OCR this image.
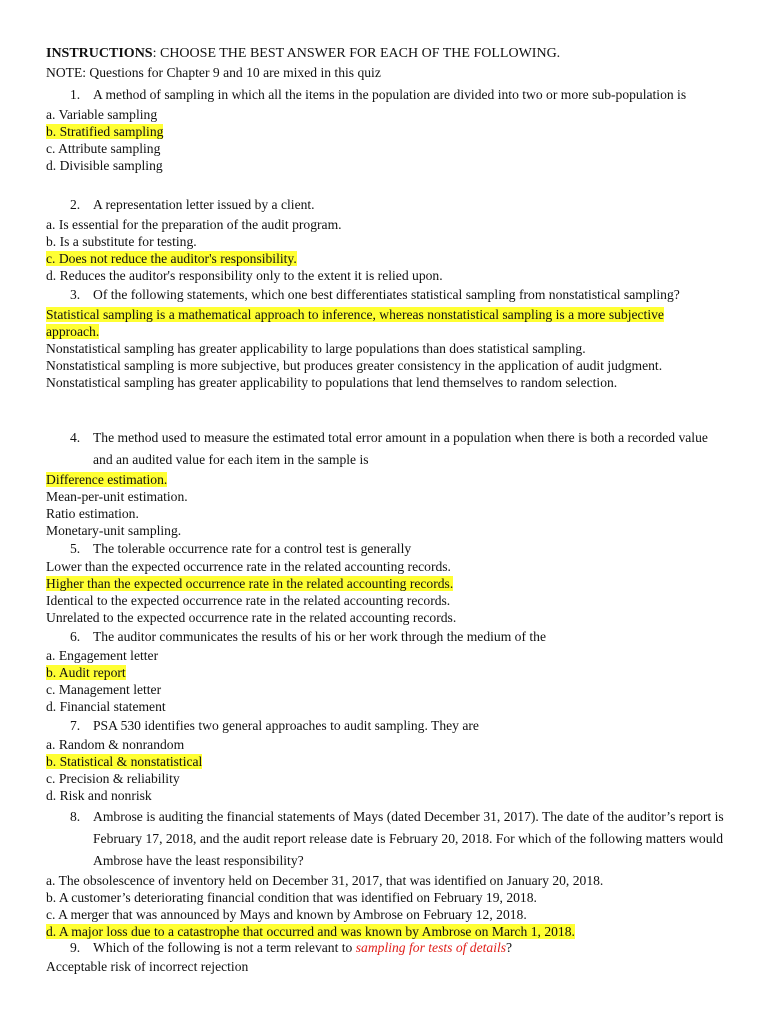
INSTRUCTIONS: CHOOSE THE BEST ANSWER FOR EACH OF THE FOLLOWING.
NOTE: Questions for Chapter 9 and 10 are mixed in this quiz
1. A method of sampling in which all the items in the population are divided into two or more sub-population is
a. Variable sampling
b. Stratified sampling
c. Attribute sampling
d. Divisible sampling
2. A representation letter issued by a client.
a. Is essential for the preparation of the audit program.
b. Is a substitute for testing.
c. Does not reduce the auditor's responsibility.
d. Reduces the auditor's responsibility only to the extent it is relied upon.
3. Of the following statements, which one best differentiates statistical sampling from nonstatistical sampling?
Statistical sampling is a mathematical approach to inference, whereas nonstatistical sampling is a more subjective approach.
Nonstatistical sampling has greater applicability to large populations than does statistical sampling.
Nonstatistical sampling is more subjective, but produces greater consistency in the application of audit judgment.
Nonstatistical sampling has greater applicability to populations that lend themselves to random selection.
4. The method used to measure the estimated total error amount in a population when there is both a recorded value and an audited value for each item in the sample is
Difference estimation.
Mean-per-unit estimation.
Ratio estimation.
Monetary-unit sampling.
5. The tolerable occurrence rate for a control test is generally
Lower than the expected occurrence rate in the related accounting records.
Higher than the expected occurrence rate in the related accounting records.
Identical to the expected occurrence rate in the related accounting records.
Unrelated to the expected occurrence rate in the related accounting records.
6. The auditor communicates the results of his or her work through the medium of the
a. Engagement letter
b. Audit report
c. Management letter
d. Financial statement
7. PSA 530 identifies two general approaches to audit sampling. They are
a. Random & nonrandom
b. Statistical & nonstatistical
c. Precision & reliability
d. Risk and nonrisk
8. Ambrose is auditing the financial statements of Mays (dated December 31, 2017). The date of the auditor’s report is February 17, 2018, and the audit report release date is February 20, 2018. For which of the following matters would Ambrose have the least responsibility?
a. The obsolescence of inventory held on December 31, 2017, that was identified on January 20, 2018.
b. A customer’s deteriorating financial condition that was identified on February 19, 2018.
c. A merger that was announced by Mays and known by Ambrose on February 12, 2018.
d. A major loss due to a catastrophe that occurred and was known by Ambrose on March 1, 2018.
9. Which of the following is not a term relevant to sampling for tests of details?
Acceptable risk of incorrect rejection
